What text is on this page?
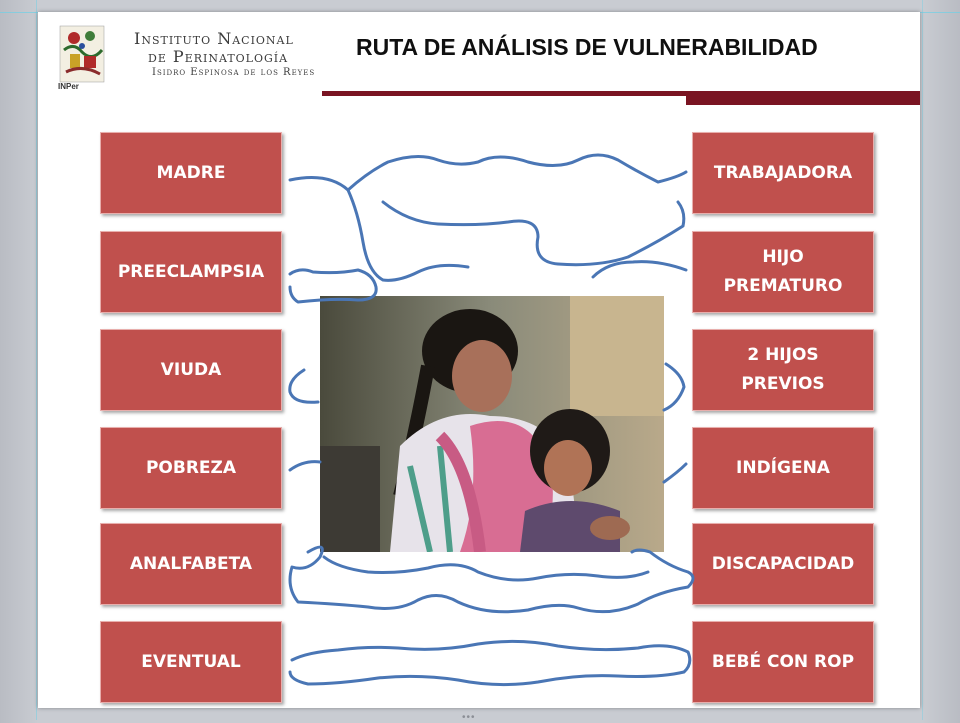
INPer
Instituto Nacional
de Perinatología
Isidro Espinosa de los Reyes
RUTA DE ANÁLISIS DE VULNERABILIDAD
MADRE
PREECLAMPSIA
VIUDA
POBREZA
ANALFABETA
EVENTUAL
TRABAJADORA
HIJO
PREMATURO
2 HIJOS
PREVIOS
INDÍGENA
DISCAPACIDAD
BEBÉ CON ROP
•••
